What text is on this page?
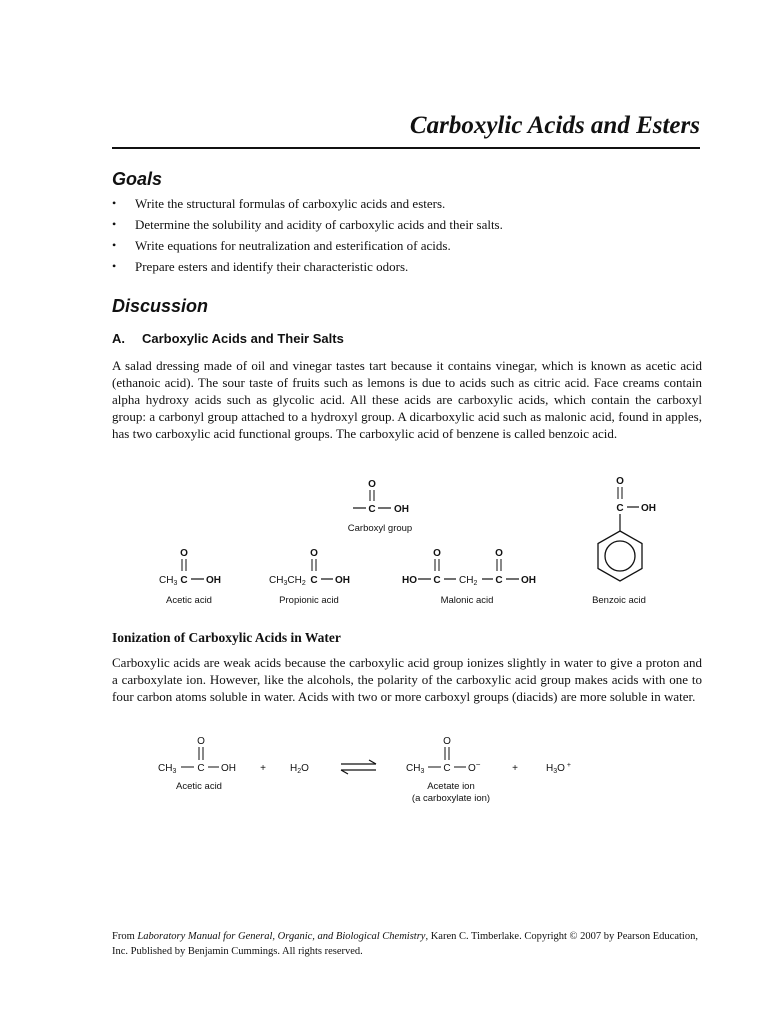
Carboxylic Acids and Esters
Goals
• Write the structural formulas of carboxylic acids and esters.
• Determine the solubility and acidity of carboxylic acids and their salts.
• Write equations for neutralization and esterification of acids.
• Prepare esters and identify their characteristic odors.
Discussion
A. Carboxylic Acids and Their Salts

A salad dressing made of oil and vinegar tastes tart because it contains vinegar, which is known as acetic acid (ethanoic acid). The sour taste of fruits such as lemons is due to acids such as citric acid. Face creams contain alpha hydroxy acids such as glycolic acid. All these acids are carboxylic acids, which contain the carboxyl group: a carbonyl group attached to a hydroxyl group. A dicarboxylic acid such as malonic acid, found in apples, has two carboxylic acid functional groups. The carboxylic acid of benzene is called benzoic acid.

O
C OH
Carboxyl group
O
$CH_3$ C OH
Acetic acid
O
$CH_3CH_2$ C OH
Propionic acid
O	O
HO C $CH_2$ C OH
Malonic acid
O
C OH
Benzoic acid
Ionization of Carboxylic Acids in Water

Carboxylic acids are weak acids because the carboxylic acid group ionizes slightly in water to give a proton and a carboxylate ion. However, like the alcohols, the polarity of the carboxylic acid group makes acids with one to four carbon atoms soluble in water. Acids with two or more carboxyl groups (diacids) are more soluble in water.

O
$CH_3$ C OH
Acetic acid
+ $H_2O$
O
$CH_3$ C O−
Acetate ion
(a carboxylate ion)
+	$H_3O$ +

From Laboratory Manual for General, Organic, and Biological Chemistry, Karen C. Timberlake. Copyright © 2007 by Pearson Education, Inc. Published by Benjamin Cummings. All rights reserved.
